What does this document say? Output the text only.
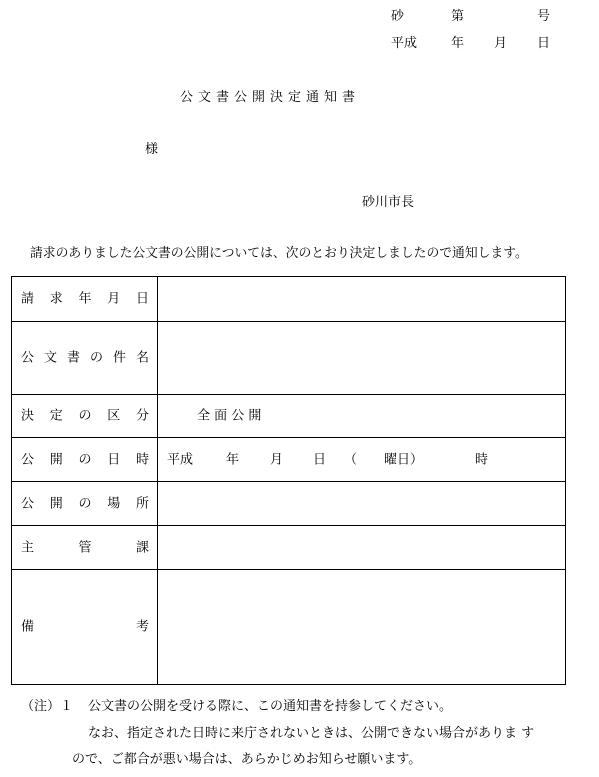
砂	第	号
平成	年 月 日
公文書公開決定通知書
様
砂川市長
請求のありました公文書の公開については、次のとおり決定しましたので通知します。
請求年月日
公文書の件名
決定の区分	全 面 公 開
公開の日時 平成	年 月 日 （ 曜日）	時
公開の場所
主管課
備考
（注）１ 公文書の公開を受ける際に、この通知書を持参してください。
なお、指定された日時に来庁されないときは、公開できない場合がありま す
ので、ご都合が悪い場合は、あらかじめお知らせ願います。
